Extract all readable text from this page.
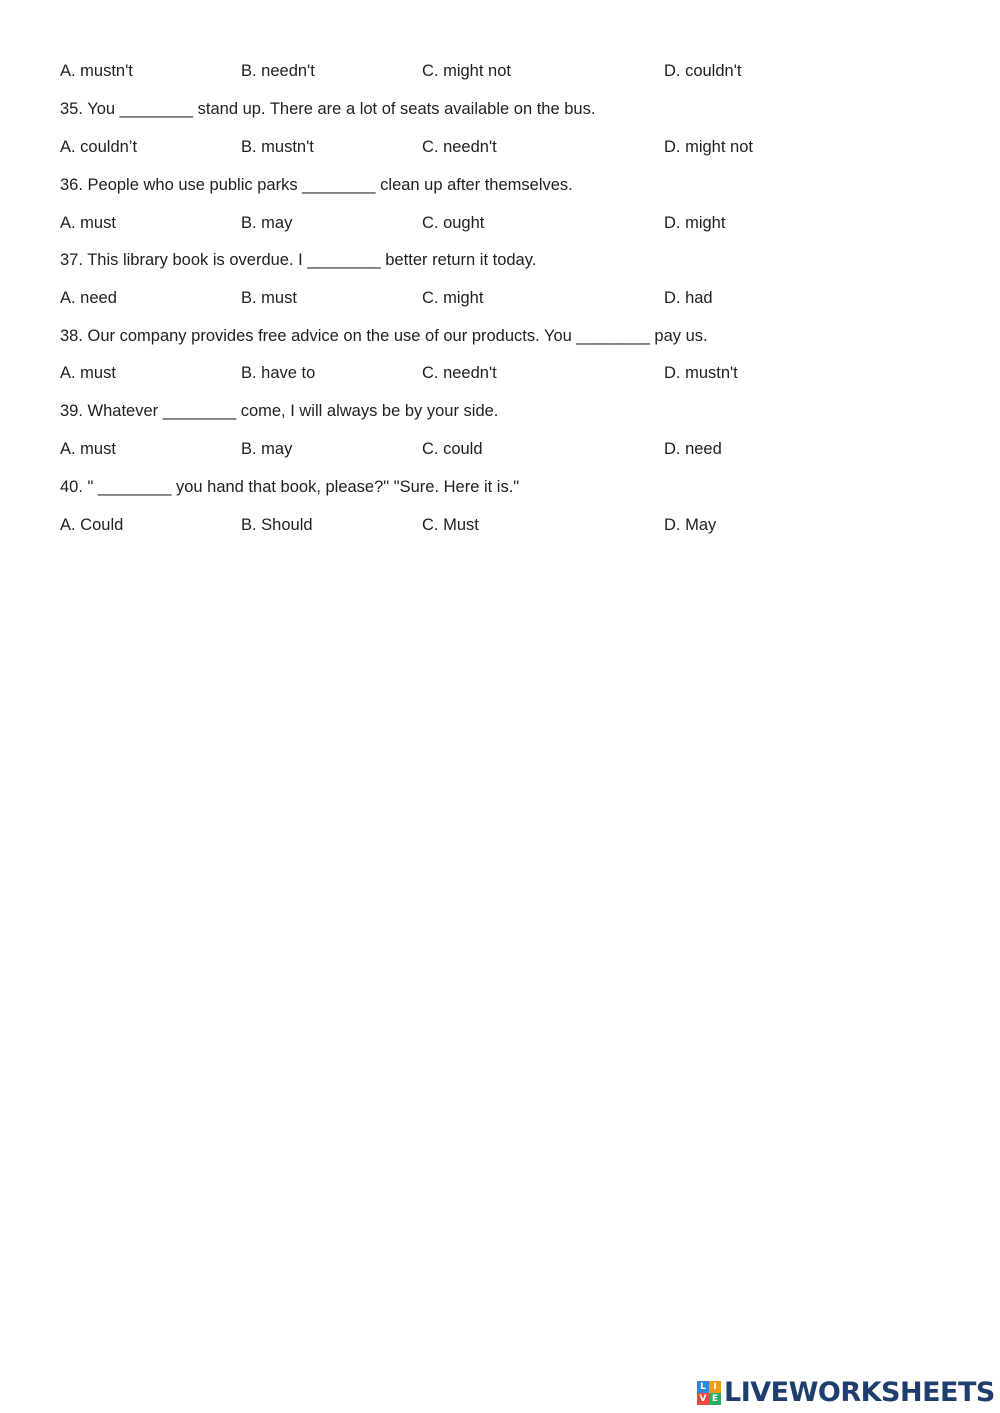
A. mustn't	B. needn't	C. might not	D. couldn't
35. You ________ stand up. There are a lot of seats available on the bus.
A. couldn’t	B. mustn't	C. needn't	D. might not
36. People who use public parks ________ clean up after themselves.
A. must	B. may	C. ought	D. might
37. This library book is overdue. I ________ better return it today.
A. need	B. must	C. might	D. had
38. Our company provides free advice on the use of our products. You ________ pay us.
A. must	B. have to	C. needn't	D. mustn't
39. Whatever ________ come, I will always be by your side.
A. must	B. may	C. could	D. need
40. " ________ you hand that book, please?" "Sure. Here it is."
A. Could	B. Should	C. Must	D. May
L I
V E LIVEWORKSHEETS
